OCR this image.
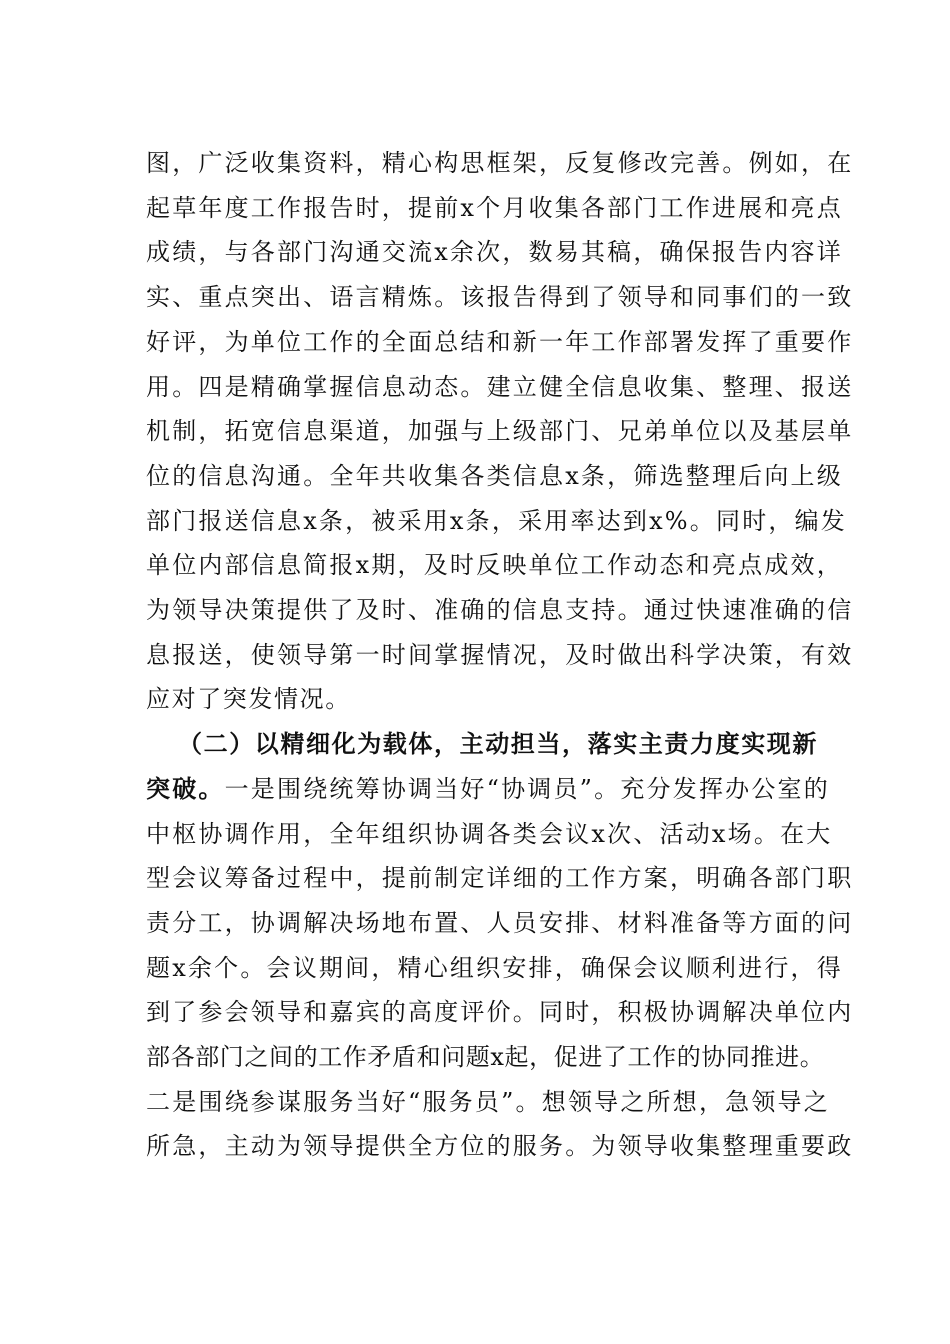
图，广泛收集资料，精心构思框架，反复修改完善。例如，在
起草年度工作报告时，提前x个月收集各部门工作进展和亮点
成绩，与各部门沟通交流x余次，数易其稿，确保报告内容详
实、重点突出、语言精炼。该报告得到了领导和同事们的一致
好评，为单位工作的全面总结和新一年工作部署发挥了重要作
用。四是精确掌握信息动态。建立健全信息收集、整理、报送
机制，拓宽信息渠道，加强与上级部门、兄弟单位以及基层单
位的信息沟通。全年共收集各类信息x条，筛选整理后向上级
部门报送信息x条，被采用x条，采用率达到x%。同时，编发
单位内部信息简报x期，及时反映单位工作动态和亮点成效，
为领导决策提供了及时、准确的信息支持。通过快速准确的信
息报送，使领导第一时间掌握情况，及时做出科学决策，有效
应对了突发情况。
（二）以精细化为载体，主动担当，落实主责力度实现新
突破。一是围绕统筹协调当好“协调员”。充分发挥办公室的
中枢协调作用，全年组织协调各类会议x次、活动x场。在大
型会议筹备过程中，提前制定详细的工作方案，明确各部门职
责分工，协调解决场地布置、人员安排、材料准备等方面的问
题x余个。会议期间，精心组织安排，确保会议顺利进行，得
到了参会领导和嘉宾的高度评价。同时，积极协调解决单位内
部各部门之间的工作矛盾和问题x起，促进了工作的协同推进。
二是围绕参谋服务当好“服务员”。想领导之所想，急领导之
所急，主动为领导提供全方位的服务。为领导收集整理重要政
